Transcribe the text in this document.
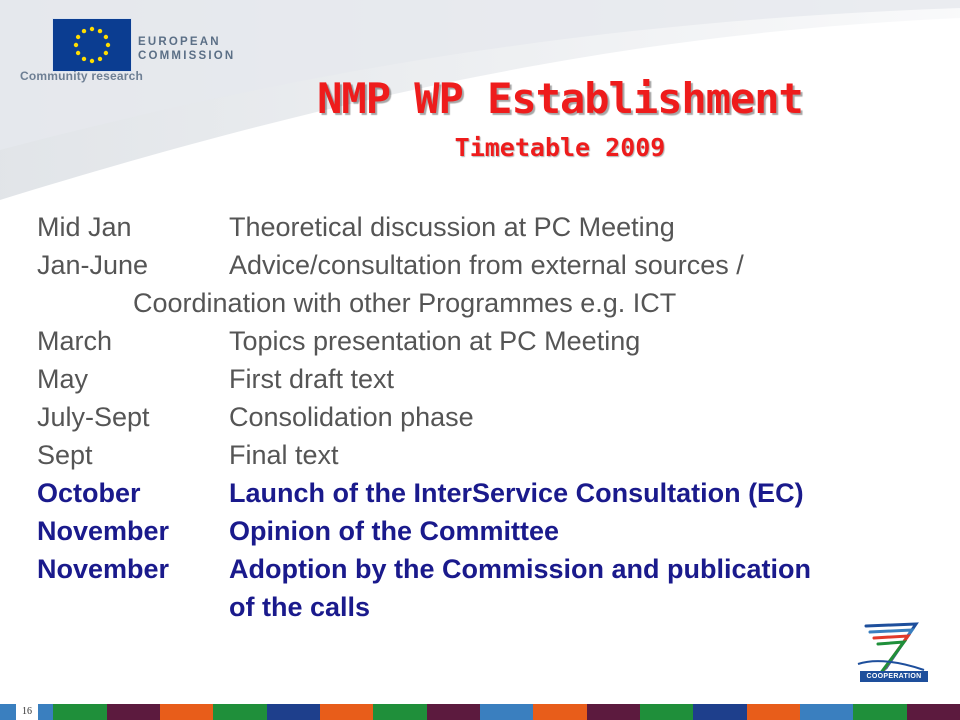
EUROPEAN
COMMISSION
Community research	NMP WP Establishment
Timetable 2009
Mid Jan	Theoretical discussion at PC Meeting
Jan-June	Advice/consultation from external sources /
Coordination with other Programmes e.g. ICT
March	Topics presentation at PC Meeting
May	First draft text
July-Sept	Consolidation phase
Sept	Final text
October	Launch of the InterService Consultation (EC)
November Opinion of the Committee
November Adoption by the Commission and publication
of the calls
COOPERATION
16
